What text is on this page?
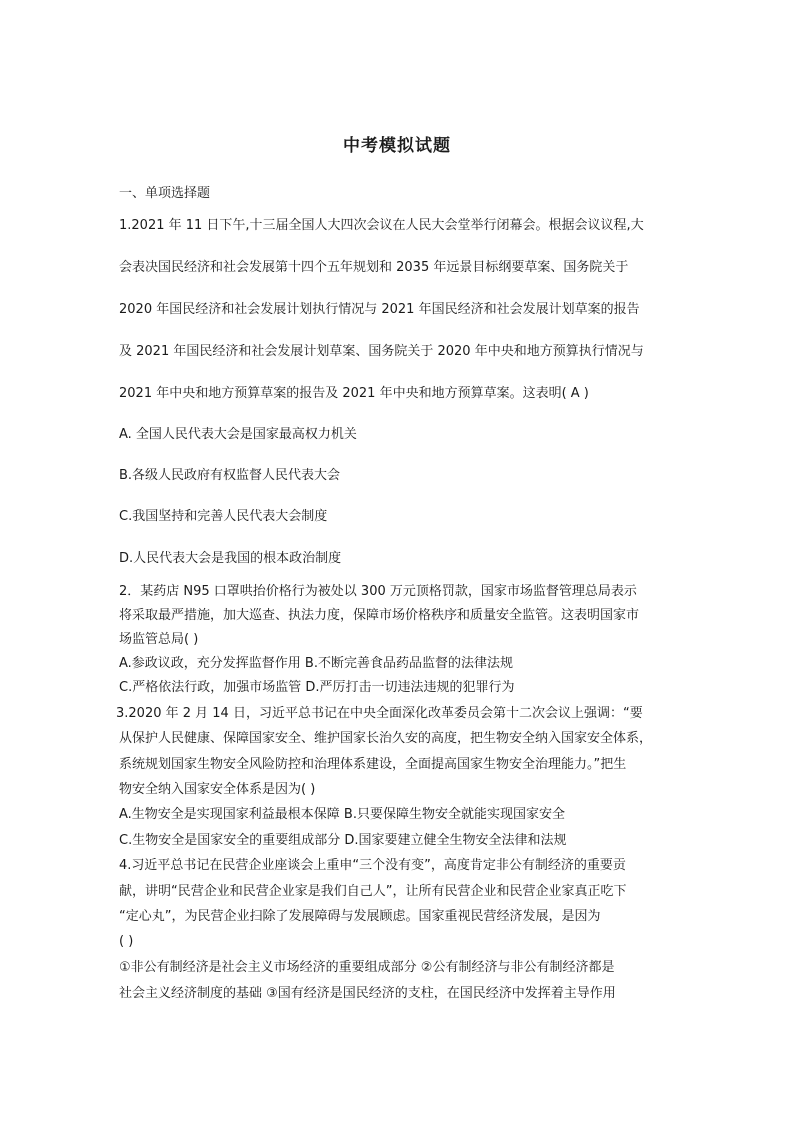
中考模拟试题
一、单项选择题
1.2021 年 11 日下午,十三届全国人大四次会议在人民大会堂举行闭幕会。根据会议议程,大
会表决国民经济和社会发展第十四个五年规划和 2035 年远景目标纲要草案、国务院关于
2020 年国民经济和社会发展计划执行情况与 2021 年国民经济和社会发展计划草案的报告
及 2021 年国民经济和社会发展计划草案、国务院关于 2020 年中央和地方预算执行情况与
2021 年中央和地方预算草案的报告及 2021 年中央和地方预算草案。这表明( A )
A. 全国人民代表大会是国家最高权力机关
B.各级人民政府有权监督人民代表大会
C.我国坚持和完善人民代表大会制度
D.人民代表大会是我国的根本政治制度
2．某药店 N95 口罩哄抬价格行为被处以 300 万元顶格罚款，国家市场监督管理总局表示
将采取最严措施，加大巡查、执法力度，保障市场价格秩序和质量安全监管。这表明国家市
场监管总局( )
A.参政议政，充分发挥监督作用 B.不断完善食品药品监督的法律法规
C.严格依法行政，加强市场监管 D.严厉打击一切违法违规的犯罪行为
3.2020 年 2 月 14 日，习近平总书记在中央全面深化改革委员会第十二次会议上强调：“要
从保护人民健康、保障国家安全、维护国家长治久安的高度，把生物安全纳入国家安全体系，
系统规划国家生物安全风险防控和治理体系建设，全面提高国家生物安全治理能力。”把生
物安全纳入国家安全体系是因为( )
A.生物安全是实现国家利益最根本保障 B.只要保障生物安全就能实现国家安全
C.生物安全是国家安全的重要组成部分 D.国家要建立健全生物安全法律和法规
4.习近平总书记在民营企业座谈会上重申“三个没有变”，高度肯定非公有制经济的重要贡
献，讲明“民营企业和民营企业家是我们自己人”，让所有民营企业和民营企业家真正吃下
“定心丸”，为民营企业扫除了发展障碍与发展顾虑。国家重视民营经济发展，是因为
( )
①非公有制经济是社会主义市场经济的重要组成部分 ②公有制经济与非公有制经济都是
社会主义经济制度的基础 ③国有经济是国民经济的支柱，在国民经济中发挥着主导作用
